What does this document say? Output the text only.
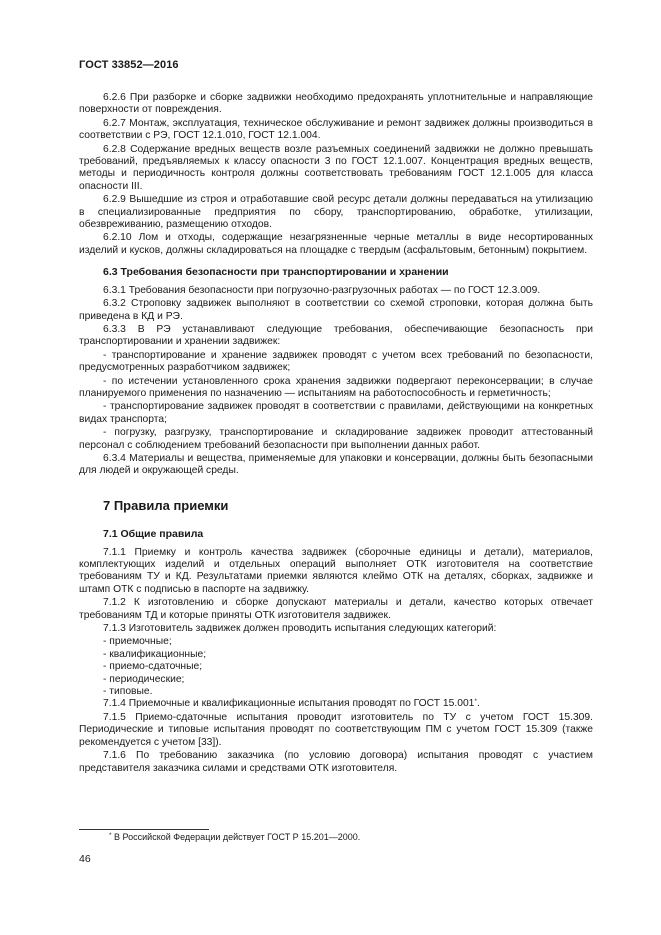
ГОСТ 33852—2016

6.2.6 При разборке и сборке задвижки необходимо предохранять уплотнительные и направляющие поверхности от повреждения.

6.2.7 Монтаж, эксплуатация, техническое обслуживание и ремонт задвижек должны производиться в соответствии с РЭ, ГОСТ 12.1.010, ГОСТ 12.1.004.

6.2.8 Содержание вредных веществ возле разъемных соединений задвижки не должно превышать требований, предъявляемых к классу опасности 3 по ГОСТ 12.1.007. Концентрация вредных веществ, методы и периодичность контроля должны соответствовать требованиям ГОСТ 12.1.005 для класса опасности III.

6.2.9 Вышедшие из строя и отработавшие свой ресурс детали должны передаваться на утилизацию в специализированные предприятия по сбору, транспортированию, обработке, утилизации, обезвреживанию, размещению отходов.

6.2.10 Лом и отходы, содержащие незагрязненные черные металлы в виде несортированных изделий и кусков, должны складироваться на площадке с твердым (асфальтовым, бетонным) покрытием.

6.3 Требования безопасности при транспортировании и хранении

6.3.1 Требования безопасности при погрузочно-разгрузочных работах — по ГОСТ 12.3.009.

6.3.2 Строповку задвижек выполняют в соответствии со схемой строповки, которая должна быть приведена в КД и РЭ.

6.3.3 В РЭ устанавливают следующие требования, обеспечивающие безопасность при транспортировании и хранении задвижек:

- транспортирование и хранение задвижек проводят с учетом всех требований по безопасности, предусмотренных разработчиком задвижек;

- по истечении установленного срока хранения задвижки подвергают переконсервации; в случае планируемого применения по назначению — испытаниям на работоспособность и герметичность;

- транспортирование задвижек проводят в соответствии с правилами, действующими на конкретных видах транспорта;

- погрузку, разгрузку, транспортирование и складирование задвижек проводит аттестованный персонал с соблюдением требований безопасности при выполнении данных работ.

6.3.4 Материалы и вещества, применяемые для упаковки и консервации, должны быть безопасными для людей и окружающей среды.

7 Правила приемки
7.1 Общие правила

7.1.1 Приемку и контроль качества задвижек (сборочные единицы и детали), материалов, комплектующих изделий и отдельных операций выполняет ОТК изготовителя на соответствие требованиям ТУ и КД. Результатами приемки являются клеймо ОТК на деталях, сборках, задвижке и штамп ОТК с подписью в паспорте на задвижку.

7.1.2 К изготовлению и сборке допускают материалы и детали, качество которых отвечает требованиям ТД и которые приняты ОТК изготовителя задвижек.

7.1.3 Изготовитель задвижек должен проводить испытания следующих категорий:

- приемочные;

- квалификационные;

- приемо-сдаточные;

- периодические;

- типовые.

7.1.4 Приемочные и квалификационные испытания проводят по ГОСТ 15.001*.

7.1.5 Приемо-сдаточные испытания проводит изготовитель по ТУ с учетом ГОСТ 15.309. Периодические и типовые испытания проводят по соответствующим ПМ с учетом ГОСТ 15.309 (также рекомендуется с учетом [33]).

7.1.6 По требованию заказчика (по условию договора) испытания проводят с участием представителя заказчика силами и средствами ОТК изготовителя.

* В Российской Федерации действует ГОСТ Р 15.201—2000.
46
